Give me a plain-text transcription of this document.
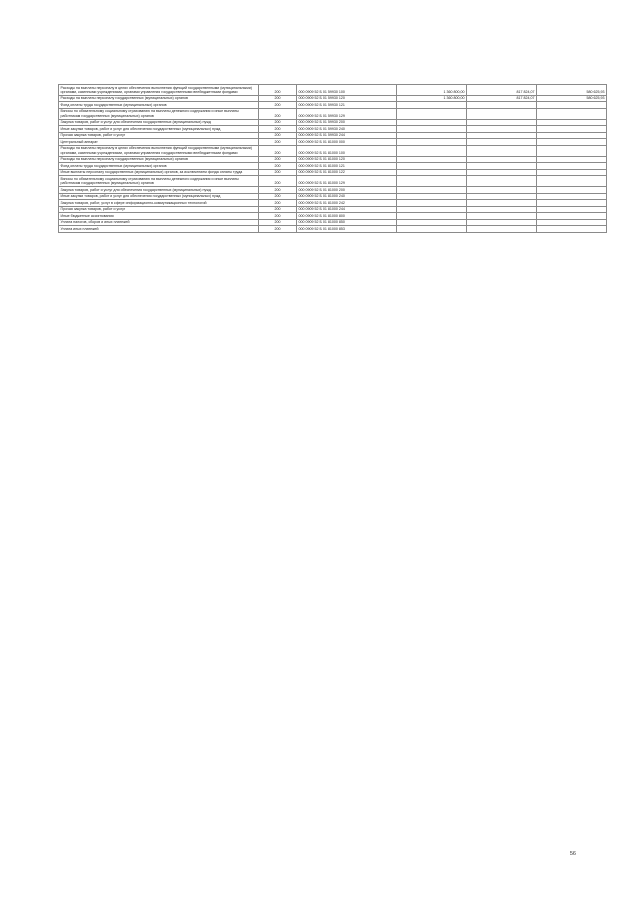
Расходы на выплаты персоналу в целях обеспечения выполнения функций государственными (муниципальными) органами, казенными учреждениями, органами управления государственными внебюджетными фондами	200	000 0909 52 Б 01 59930 100	1 360 800,00	817 824,07	580 625,93
Расходы на выплаты персоналу государственных (муниципальных) органов	200	000 0909 52 Б 01 59930 120	1 360 800,00	817 824,07	580 625,93
Фонд оплаты труда государственных (муниципальных) органов	200	000 0909 52 Б 01 59930 121			
Взносы по обязательному социальному страхованию на выплаты денежного содержания и иные выплаты работникам государственных (муниципальных) органов	200	000 0909 52 Б 01 59930 129			
Закупка товаров, работ и услуг для обеспечения государственных (муниципальных) нужд	200	000 0909 52 Б 01 59930 200			
Иные закупки товаров, работ и услуг для обеспечения государственных (муниципальных) нужд	200	000 0909 52 Б 01 59930 240			
Прочая закупка товаров, работ и услуг	200	000 0909 52 Б 01 59930 244			
Центральный аппарат	200	000 0909 52 Б 01 81000 000			
Расходы на выплаты персоналу в целях обеспечения выполнения функций государственными (муниципальными) органами, казенными учреждениями, органами управления государственными внебюджетными фондами	200	000 0909 52 Б 01 81000 100			
Расходы на выплаты персоналу государственных (муниципальных) органов	200	000 0909 52 Б 01 81000 120			
Фонд оплаты труда государственных (муниципальных) органов	200	000 0909 52 Б 01 81000 121			
Иные выплаты персоналу государственных (муниципальных) органов, за исключением фонда оплаты труда	200	000 0909 52 Б 01 81000 122			
Взносы по обязательному социальному страхованию на выплаты денежного содержания и иные выплаты работникам государственных (муниципальных) органов	200	000 0909 52 Б 01 81000 129			
Закупка товаров, работ и услуг для обеспечения государственных (муниципальных) нужд	200	000 0909 52 Б 01 81000 200			
Иные закупки товаров, работ и услуг для обеспечения государственных (муниципальных) нужд	200	000 0909 52 Б 01 81000 240			
Закупка товаров, работ, услуг в сфере информационно-коммуникационных технологий	200	000 0909 52 Б 01 81000 242			
Прочая закупка товаров, работ и услуг	200	000 0909 52 Б 01 81000 244			
Иные бюджетные ассигнования	200	000 0909 52 Б 01 81000 800			
Уплата налогов, сборов и иных платежей	200	000 0909 52 Б 01 81000 850			
Уплата иных платежей	200	000 0909 52 Б 01 81000 853			
56
